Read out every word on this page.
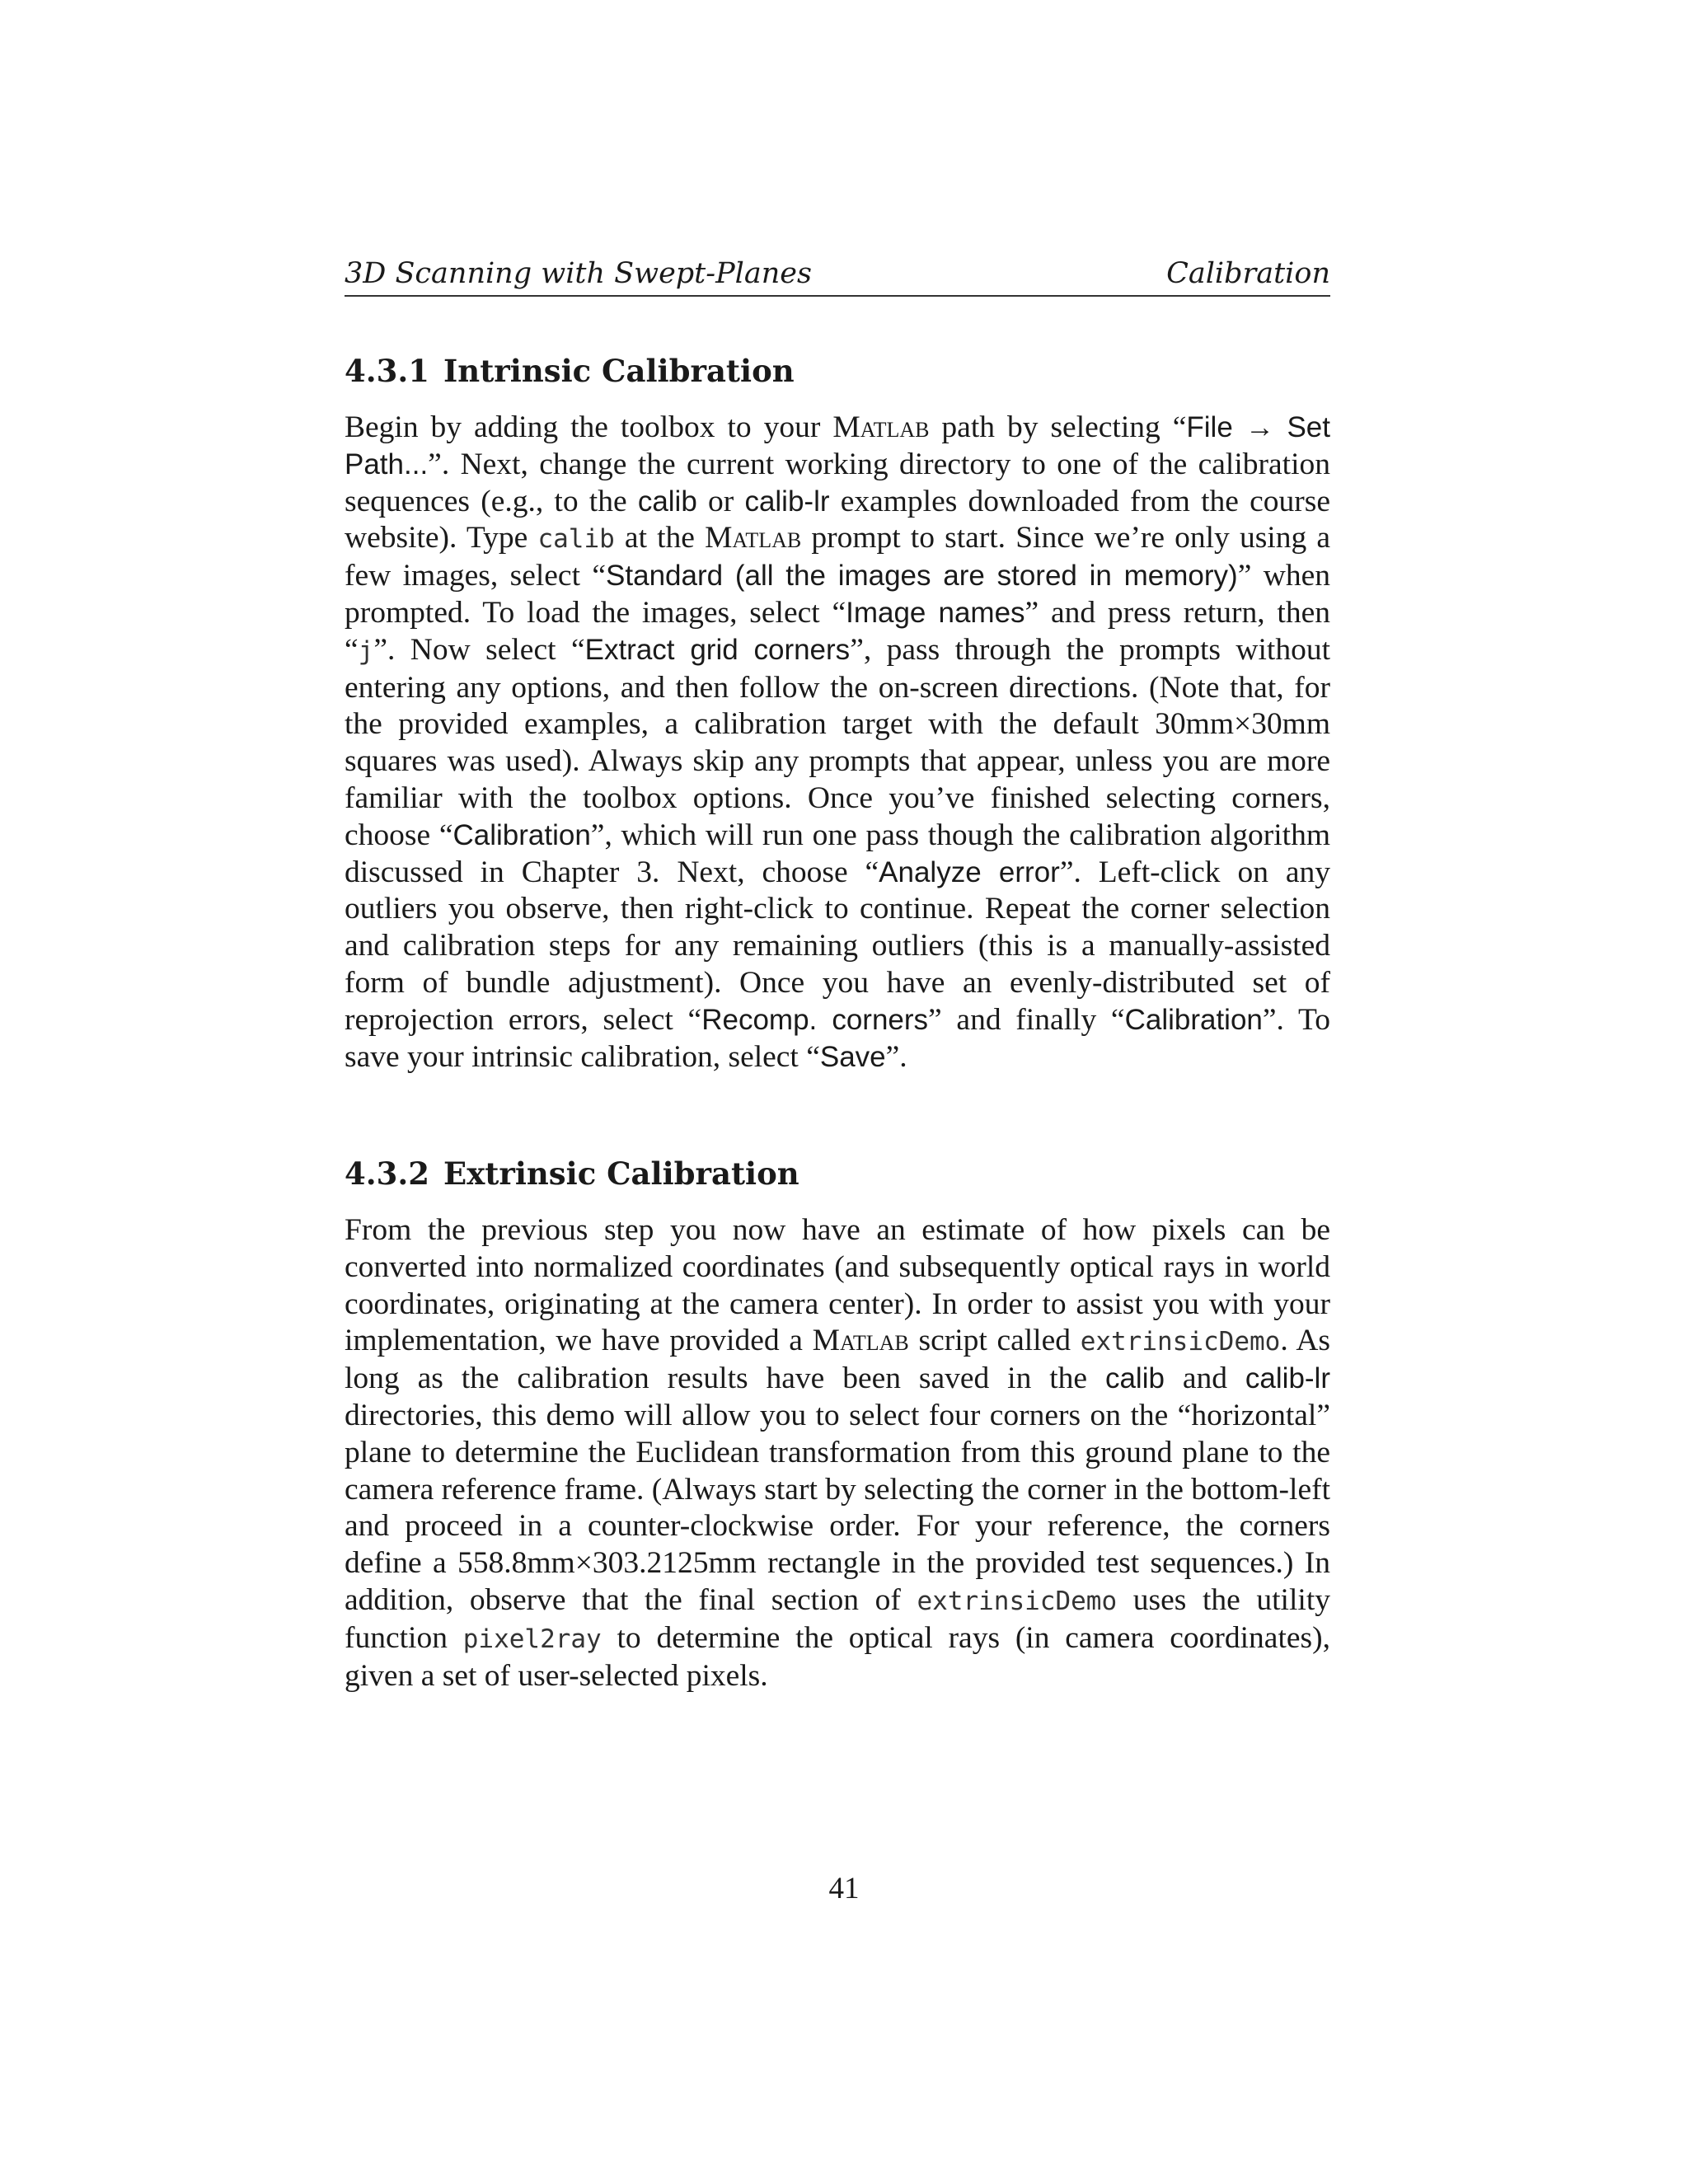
3D Scanning with Swept-Planes	Calibration
4.3.1 Intrinsic Calibration

Begin by adding the toolbox to your Matlab path by selecting “File → Set Path...”. Next, change the current working directory to one of the calibration sequences (e.g., to the calib or calib-lr examples downloaded from the course website). Type calib at the Matlab prompt to start. Since we’re only using a few images, select “Standard (all the images are stored in memory)” when prompted. To load the images, select “Image names” and press return, then “j”. Now select “Extract grid corners”, pass through the prompts without entering any options, and then follow the on-screen directions. (Note that, for the provided examples, a calibration target with the default 30mm×30mm squares was used). Always skip any prompts that appear, unless you are more familiar with the toolbox options. Once you’ve finished selecting corners, choose “Calibration”, which will run one pass though the calibration algorithm discussed in Chapter 3. Next, choose “Analyze error”. Left-click on any outliers you observe, then right-click to continue. Repeat the corner selection and calibration steps for any remaining outliers (this is a manually-assisted form of bundle adjustment). Once you have an evenly-distributed set of reprojection errors, select “Recomp. corners” and finally “Calibration”. To save your intrinsic calibration, select “Save”.

4.3.2 Extrinsic Calibration

From the previous step you now have an estimate of how pixels can be converted into normalized coordinates (and subsequently optical rays in world coordinates, originating at the camera center). In order to assist you with your implementation, we have provided a Matlab script called extrinsicDemo. As long as the calibration results have been saved in the calib and calib-lr directories, this demo will allow you to select four corners on the “horizontal” plane to determine the Euclidean transformation from this ground plane to the camera reference frame. (Always start by selecting the corner in the bottom-left and proceed in a counter-clockwise order. For your reference, the corners define a 558.8mm×303.2125mm rectangle in the provided test sequences.) In addition, observe that the final section of extrinsicDemo uses the utility function pixel2ray to determine the optical rays (in camera coordinates), given a set of user-selected pixels.

41
